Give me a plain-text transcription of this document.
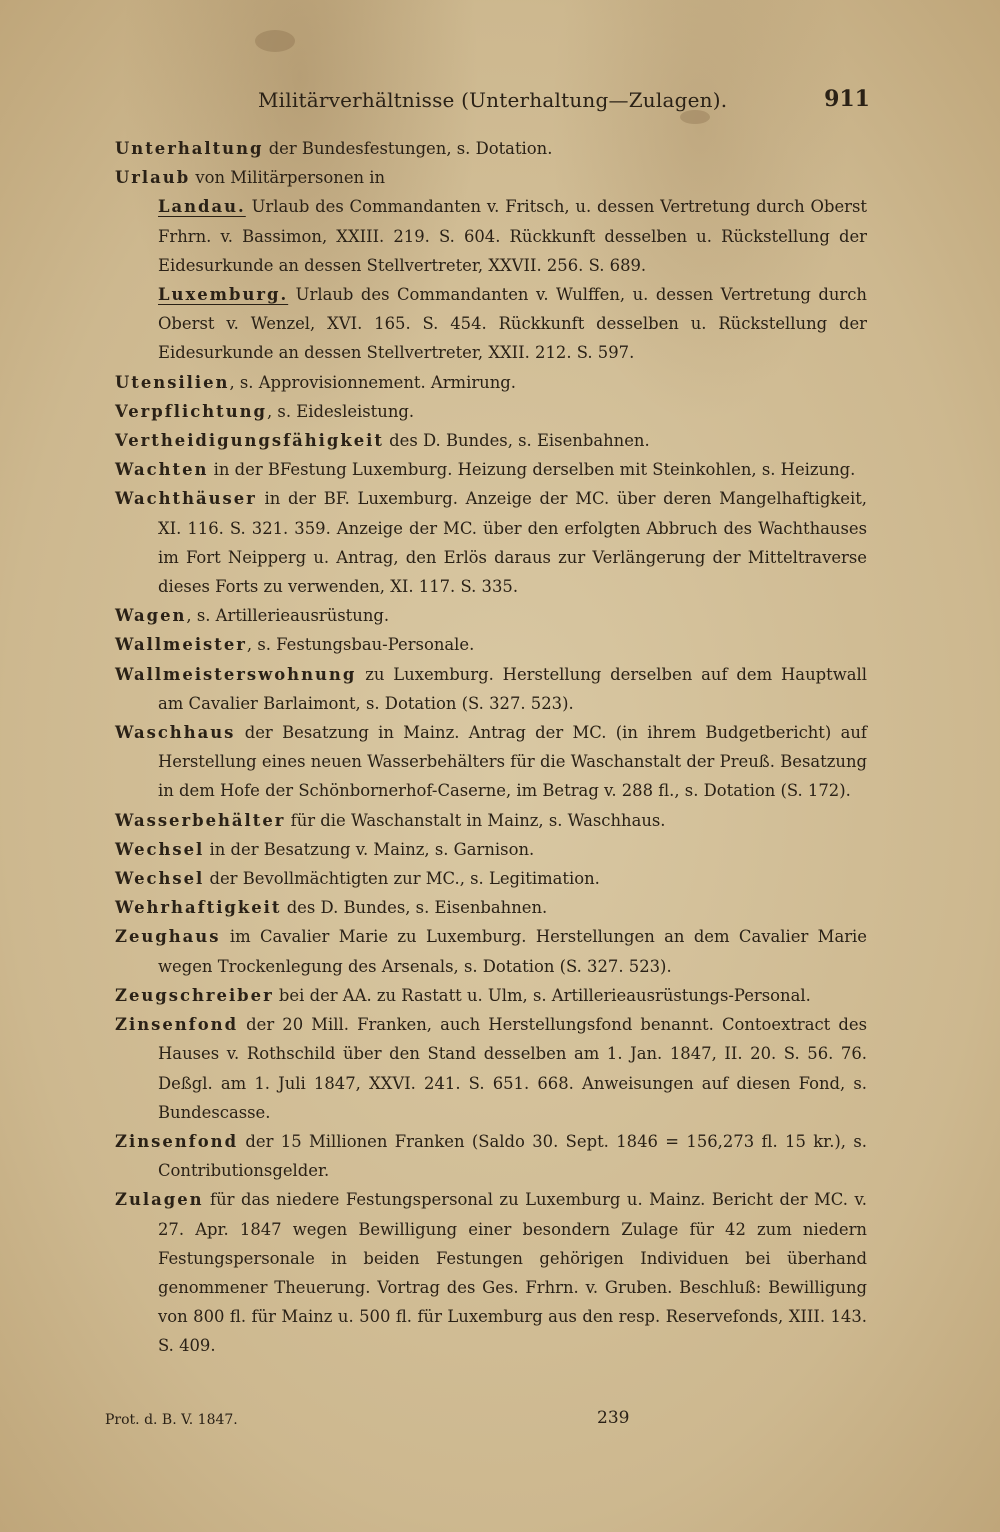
Militärverhältnisse (Unterhaltung—Zulagen).	911

Unterhaltung der Bundesfestungen, s. Dotation.

Urlaub von Militärpersonen in

Landau. Urlaub des Commandanten v. Fritsch, u. dessen Vertretung durch Oberst Frhrn. v. Bassimon, XXIII. 219. S. 604. Rückkunft desselben u. Rückstellung der Eidesurkunde an dessen Stellvertreter, XXVII. 256. S. 689.

Luxemburg. Urlaub des Commandanten v. Wulffen, u. dessen Vertretung durch Oberst v. Wenzel, XVI. 165. S. 454. Rückkunft desselben u. Rückstellung der Eidesurkunde an dessen Stellvertreter, XXII. 212. S. 597.

Utensilien, s. Approvisionnement. Armirung.

Verpflichtung, s. Eidesleistung.

Vertheidigungsfähigkeit des D. Bundes, s. Eisenbahnen.

Wachten in der BFestung Luxemburg. Heizung derselben mit Steinkohlen, s. Heizung.

Wachthäuser in der BF. Luxemburg. Anzeige der MC. über deren Mangelhaftigkeit, XI. 116. S. 321. 359. Anzeige der MC. über den erfolgten Abbruch des Wachthauses im Fort Neipperg u. Antrag, den Erlös daraus zur Verlängerung der Mitteltraverse dieses Forts zu verwenden, XI. 117. S. 335.

Wagen, s. Artillerieausrüstung.

Wallmeister, s. Festungsbau-Personale.

Wallmeisterswohnung zu Luxemburg. Herstellung derselben auf dem Hauptwall am Cavalier Barlaimont, s. Dotation (S. 327. 523).

Waschhaus der Besatzung in Mainz. Antrag der MC. (in ihrem Budgetbericht) auf Herstellung eines neuen Wasserbehälters für die Waschanstalt der Preuß. Besatzung in dem Hofe der Schönbornerhof-Caserne, im Betrag v. 288 fl., s. Dotation (S. 172).

Wasserbehälter für die Waschanstalt in Mainz, s. Waschhaus.

Wechsel in der Besatzung v. Mainz, s. Garnison.

Wechsel der Bevollmächtigten zur MC., s. Legitimation.

Wehrhaftigkeit des D. Bundes, s. Eisenbahnen.

Zeughaus im Cavalier Marie zu Luxemburg. Herstellungen an dem Cavalier Marie wegen Trockenlegung des Arsenals, s. Dotation (S. 327. 523).

Zeugschreiber bei der AA. zu Rastatt u. Ulm, s. Artillerieausrüstungs-Personal.

Zinsenfond der 20 Mill. Franken, auch Herstellungsfond benannt. Contoextract des Hauses v. Rothschild über den Stand desselben am 1. Jan. 1847, II. 20. S. 56. 76. Deßgl. am 1. Juli 1847, XXVI. 241. S. 651. 668. Anweisungen auf diesen Fond, s. Bundescasse.

Zinsenfond der 15 Millionen Franken (Saldo 30. Sept. 1846 = 156,273 fl. 15 kr.), s. Contributionsgelder.

Zulagen für das niedere Festungspersonal zu Luxemburg u. Mainz. Bericht der MC. v. 27. Apr. 1847 wegen Bewilligung einer besondern Zulage für 42 zum niedern Festungspersonale in beiden Festungen gehörigen Individuen bei überhand genommener Theuerung. Vortrag des Ges. Frhrn. v. Gruben. Beschluß: Bewilligung von 800 fl. für Mainz u. 500 fl. für Luxemburg aus den resp. Reservefonds, XIII. 143. S. 409.

Prot. d. B. V. 1847.	239
